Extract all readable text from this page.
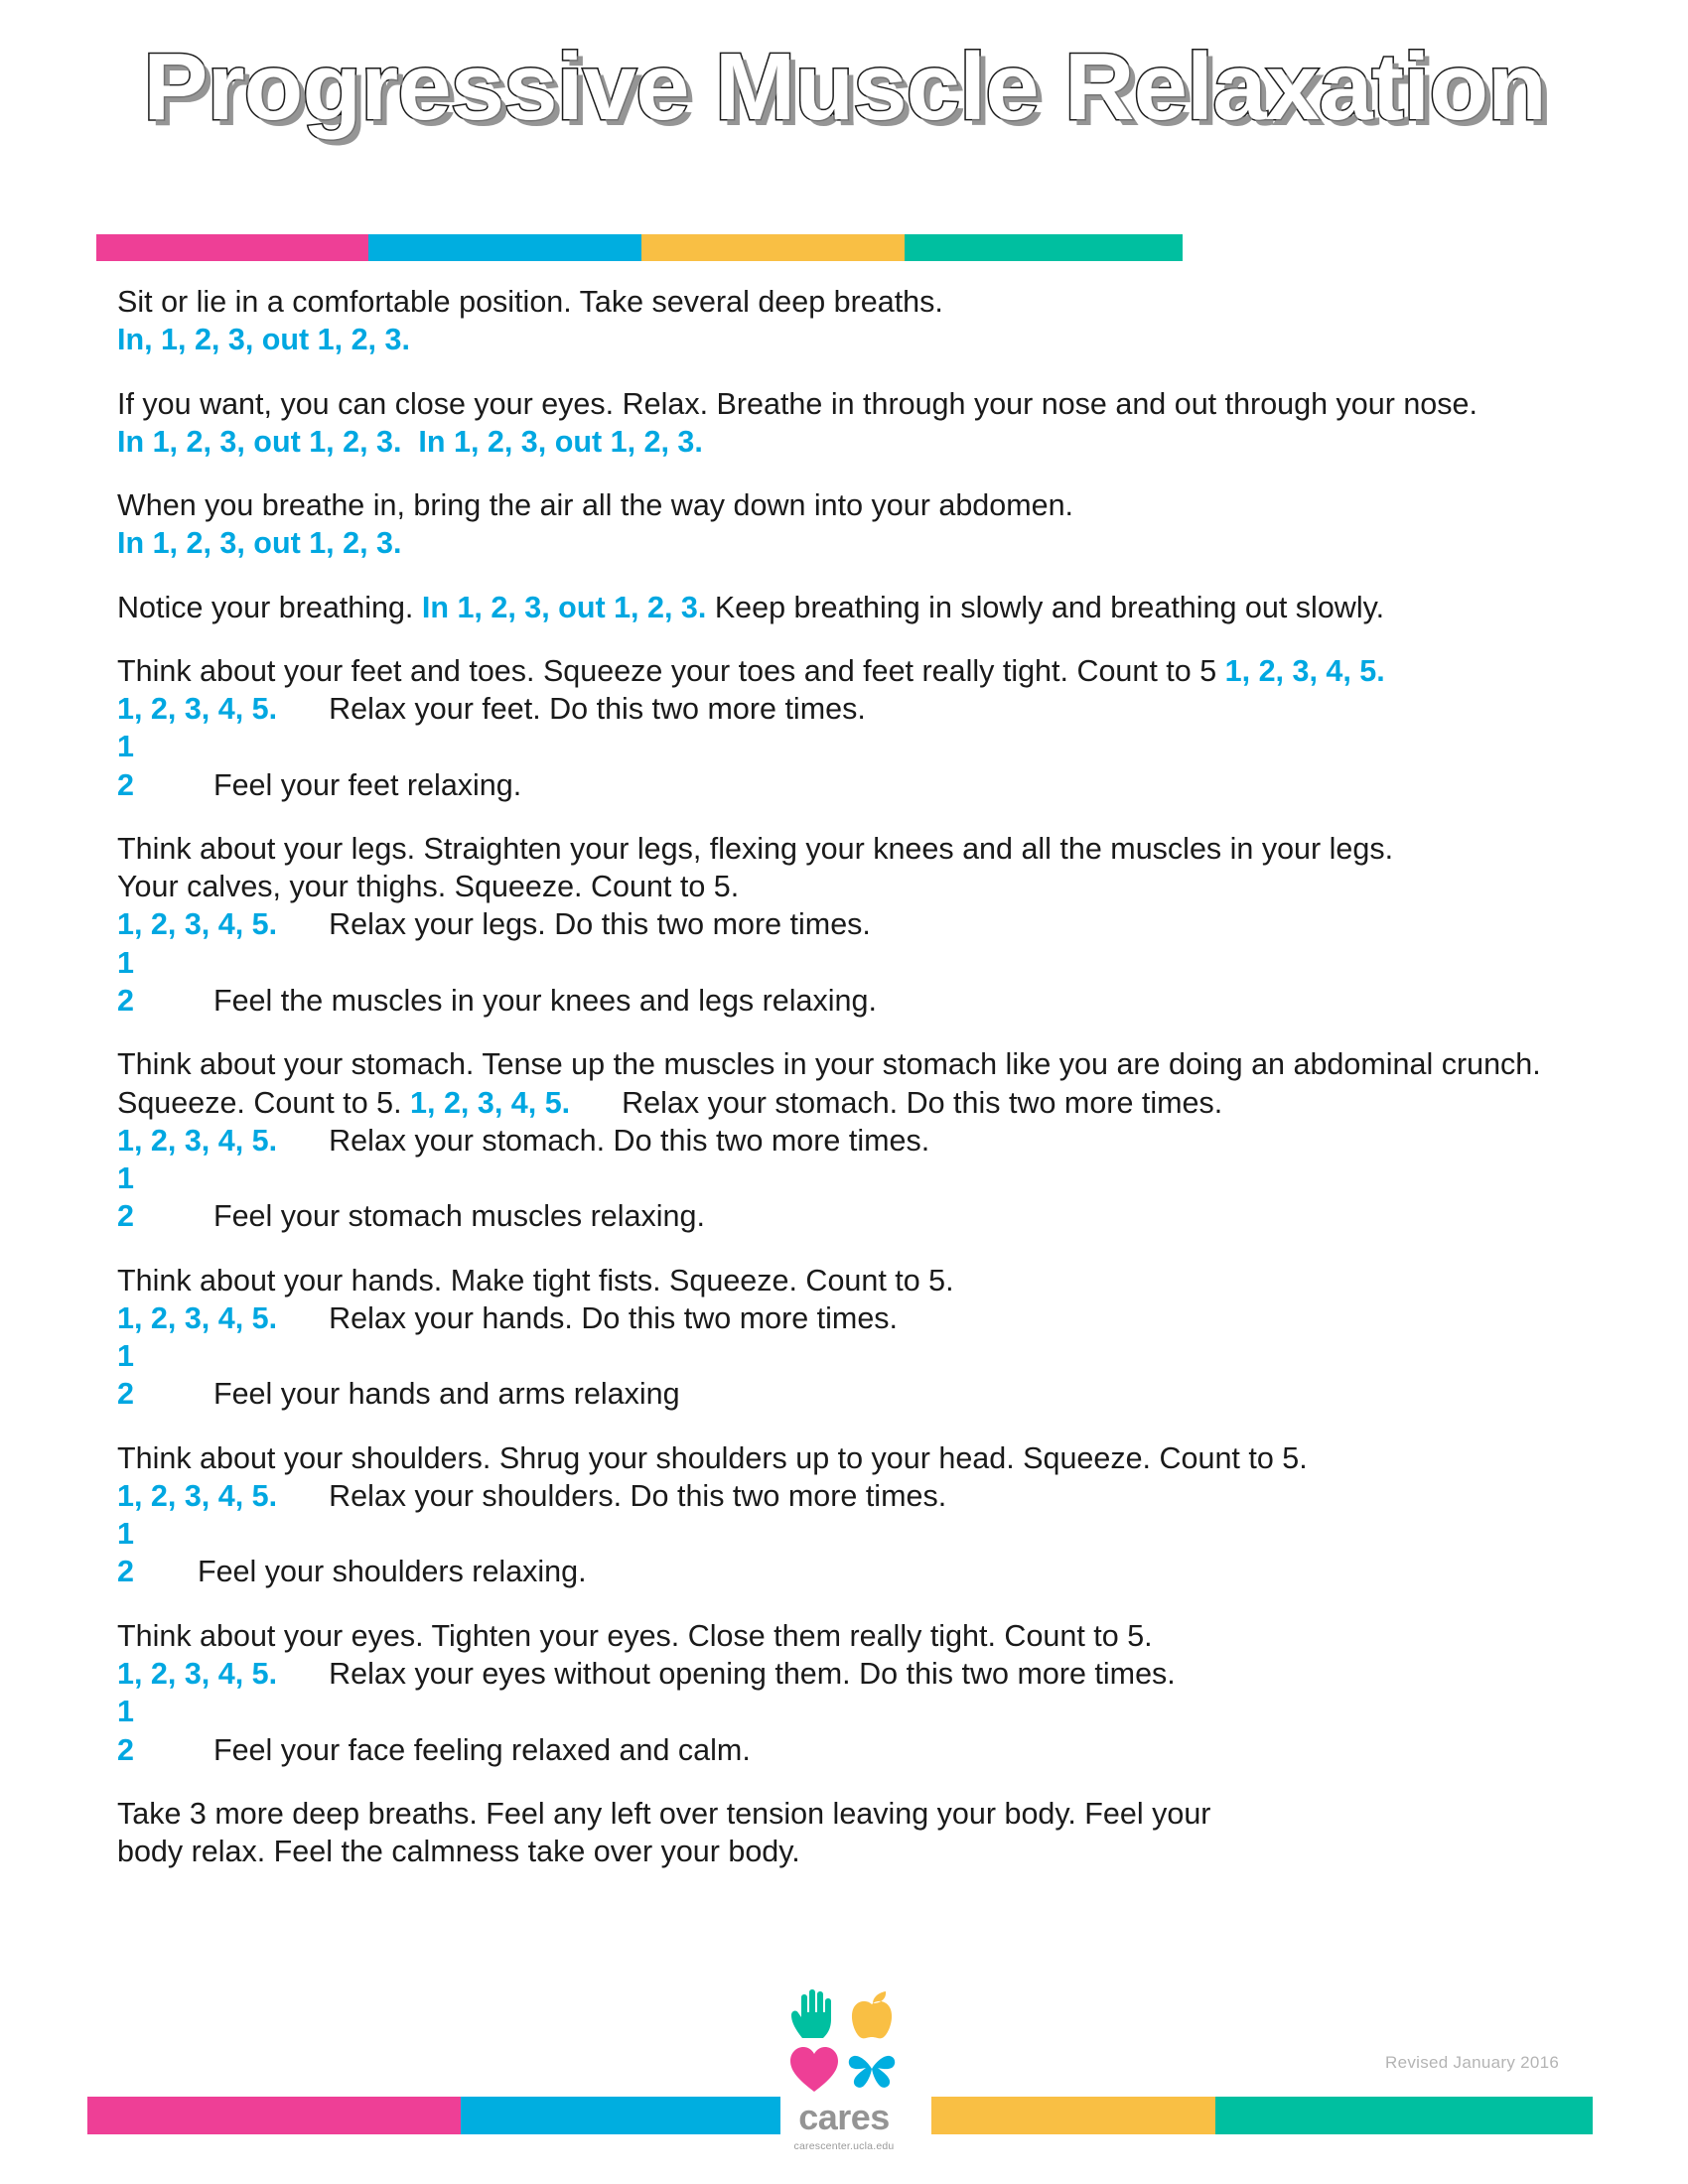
Progressive Muscle Relaxation
Sit or lie in a comfortable position. Take several deep breaths.
In, 1, 2, 3, out 1, 2, 3.
If you want, you can close your eyes. Relax. Breathe in through your nose and out through your nose.
In 1, 2, 3, out 1, 2, 3.  In 1, 2, 3, out 1, 2, 3.
When you breathe in, bring the air all the way down into your abdomen.
In 1, 2, 3, out 1, 2, 3.
Notice your breathing. In 1, 2, 3, out 1, 2, 3. Keep breathing in slowly and breathing out slowly.
Think about your feet and toes. Squeeze your toes and feet really tight. Count to 5 1, 2, 3, 4, 5.
1, 2, 3, 4, 5. Relax your feet. Do this two more times.
1
2	Feel your feet relaxing.
Think about your legs. Straighten your legs, flexing your knees and all the muscles in your legs.
Your calves, your thighs. Squeeze. Count to 5.
1, 2, 3, 4, 5. Relax your legs. Do this two more times.
1
2	Feel the muscles in your knees and legs relaxing.
Think about your stomach. Tense up the muscles in your stomach like you are doing an abdominal crunch.
Squeeze. Count to 5. 1, 2, 3, 4, 5. Relax your stomach. Do this two more times.
1, 2, 3, 4, 5. Relax your stomach. Do this two more times.
1
2	Feel your stomach muscles relaxing.
Think about your hands. Make tight fists. Squeeze. Count to 5.
1, 2, 3, 4, 5. Relax your hands. Do this two more times.
1
2	Feel your hands and arms relaxing
Think about your shoulders. Shrug your shoulders up to your head. Squeeze. Count to 5.
1, 2, 3, 4, 5. Relax your shoulders. Do this two more times.
1
2 Feel your shoulders relaxing.
Think about your eyes. Tighten your eyes. Close them really tight. Count to 5.
1, 2, 3, 4, 5. Relax your eyes without opening them. Do this two more times.
1
2	Feel your face feeling relaxed and calm.
Take 3 more deep breaths. Feel any left over tension leaving your body. Feel your
body relax. Feel the calmness take over your body.
cares
carescenter.ucla.edu
Revised January 2016
